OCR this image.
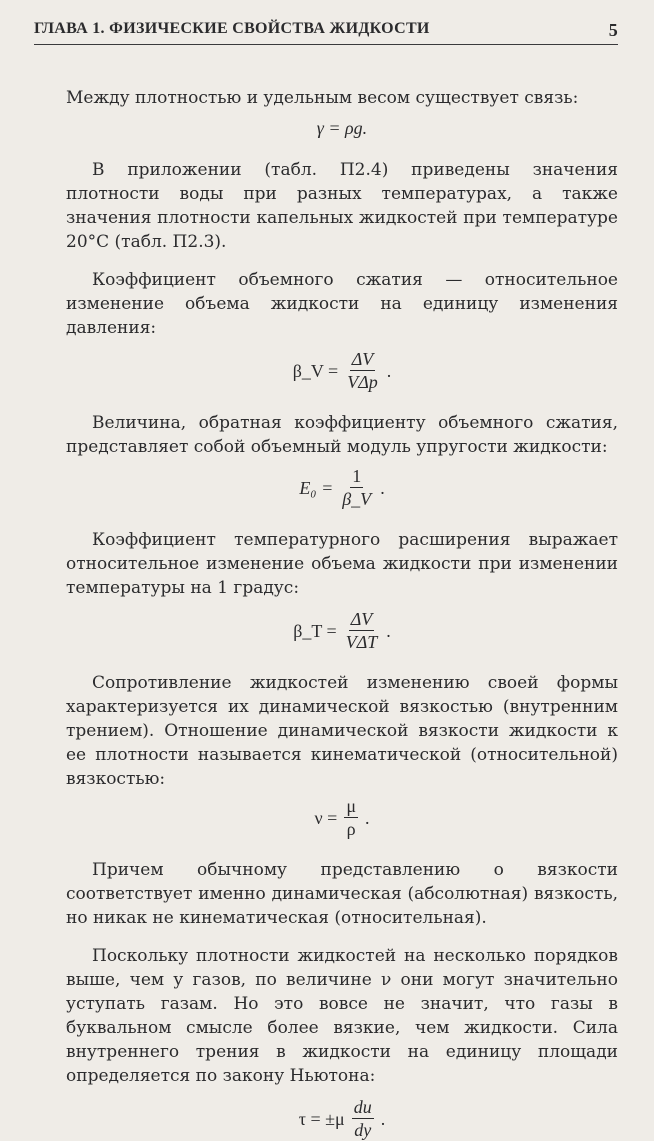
ГЛАВА 1. ФИЗИЧЕСКИЕ СВОЙСТВА ЖИДКОСТИ	5

Между плотностью и удельным весом существует связь:

γ = ρg.

В приложении (табл. П2.4) приведены значения плотности воды при разных температурах, а также значения плотности капельных жидкостей при температуре 20°С (табл. П2.3).

Коэффициент объемного сжатия — относительное изменение объема жидкости на единицу изменения давления:

β_V = $\frac{\Delta V}{\text{VΔp}}$ .

Величина, обратная коэффициенту объемного сжатия, представляет собой объемный модуль упругости жидкости:

$E_0 = \frac{1}{\beta\_V}$ .

Коэффициент температурного расширения выражает относительное изменение объема жидкости при изменении температуры на 1 градус:

β_T = $\frac{\Delta V}{\text{VΔT}}$ .

Сопротивление жидкостей изменению своей формы характеризуется их динамической вязкостью (внутренним трением). Отношение динамической вязкости жидкости к ее плотности называется кинематической (относительной) вязкостью:

$\nu = \frac{\mu}{\rho}$ .

Причем обычному представлению о вязкости соответствует именно динамическая (абсолютная) вязкость, но никак не кинематическая (относительная).

Поскольку плотности жидкостей на несколько порядков выше, чем у газов, по величине ν они могут значительно уступать газам. Но это вовсе не значит, что газы в буквальном смысле более вязкие, чем жидкости. Сила внутреннего трения в жидкости на единицу площади определяется по закону Ньютона:

$\tau = \pm\mu \frac{du}{dy}$ .
